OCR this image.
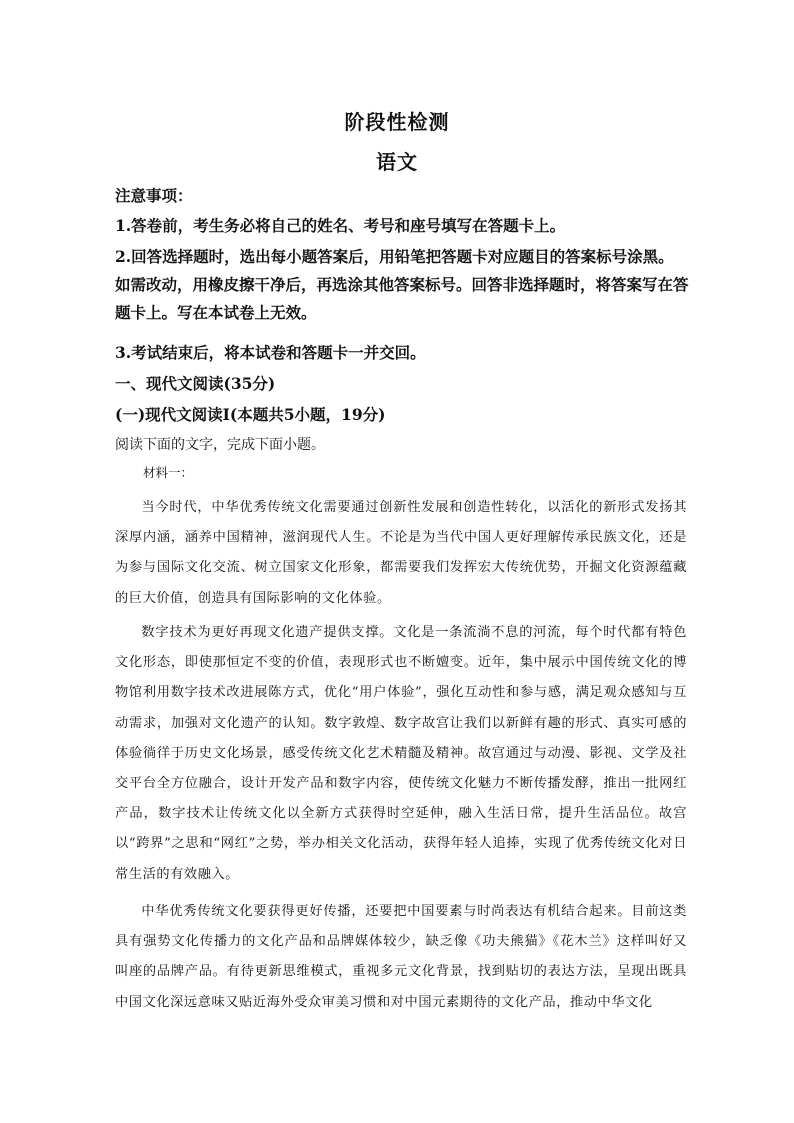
阶段性检测
语文

注意事项：

1.答卷前，考生务必将自己的姓名、考号和座号填写在答题卡上。

2.回答选择题时，选出每小题答案后，用铅笔把答题卡对应题目的答案标号涂黑。如需改动，用橡皮擦干净后，再选涂其他答案标号。回答非选择题时，将答案写在答题卡上。写在本试卷上无效。

3.考试结束后，将本试卷和答题卡一并交回。

一、现代文阅读(35分)

(一)现代文阅读Ⅰ(本题共5小题，19分)

阅读下面的文字，完成下面小题。

材料一：

当今时代，中华优秀传统文化需要通过创新性发展和创造性转化，以活化的新形式发扬其深厚内涵，涵养中国精神，滋润现代人生。不论是为当代中国人更好理解传承民族文化，还是为参与国际文化交流、树立国家文化形象，都需要我们发挥宏大传统优势，开掘文化资源蕴藏的巨大价值，创造具有国际影响的文化体验。

数字技术为更好再现文化遗产提供支撑。文化是一条流淌不息的河流，每个时代都有特色文化形态，即使那恒定不变的价值，表现形式也不断嬗变。近年，集中展示中国传统文化的博物馆利用数字技术改进展陈方式，优化“用户体验”，强化互动性和参与感，满足观众感知与互动需求，加强对文化遗产的认知。数字敦煌、数字故宫让我们以新鲜有趣的形式、真实可感的体验徜徉于历史文化场景，感受传统文化艺术精髓及精神。故宫通过与动漫、影视、文学及社交平台全方位融合，设计开发产品和数字内容，使传统文化魅力不断传播发酵，推出一批网红产品，数字技术让传统文化以全新方式获得时空延伸，融入生活日常，提升生活品位。故宫以“跨界”之思和“网红”之势，举办相关文化活动，获得年轻人追捧，实现了优秀传统文化对日常生活的有效融入。

中华优秀传统文化要获得更好传播，还要把中国要素与时尚表达有机结合起来。目前这类具有强势文化传播力的文化产品和品牌媒体较少，缺乏像《功夫熊猫》《花木兰》这样叫好又叫座的品牌产品。有待更新思维模式，重视多元文化背景，找到贴切的表达方法，呈现出既具中国文化深远意味又贴近海外受众审美习惯和对中国元素期待的文化产品，推动中华文化
